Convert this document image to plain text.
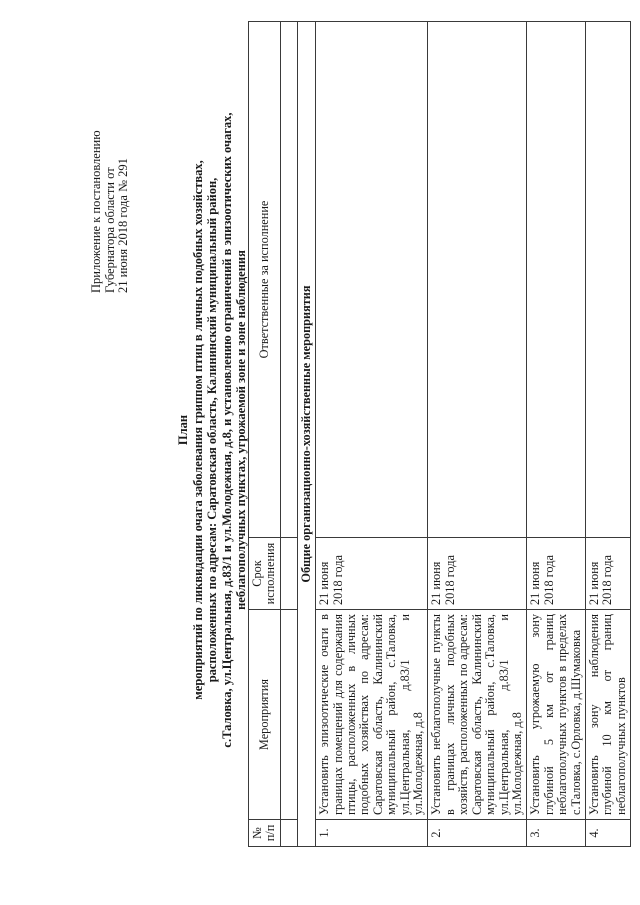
Приложение к постановлению Губернатора области от 21 июня 2018 года № 291
План мероприятий по ликвидации очага заболевания гриппом птиц в личных подобных хозяйствах, расположенных по адресам: Саратовская область, Калининский муниципальный район, с.Таловка, ул.Центральная, д.83/1 и ул.Молодежная, д.8, и установлению ограничений в эпизоотических очагах, неблагополучных пунктах, угрожаемой зоне и зоне наблюдения
№ п/п	Мероприятия	Срок исполнения	Ответственные за исполнение

Общие организационно-хозяйственные мероприятия			
1.	Установить эпизоотические очаги в границах помещений для содержания птицы, расположенных в личных подобных хозяйствах по адресам: Саратовская область, Калининский муниципальный район, с.Таловка, ул.Центральная, д.83/1 и ул.Молодежная, д.8	21 июня 2018 года	
2.	Установить неблагополучные пункты в границах личных подобных хозяйств, расположенных по адресам: Саратовская область, Калининский муниципальный район, с.Таловка, ул.Центральная, д.83/1 и ул.Молодежная, д.8	21 июня 2018 года	
3.	Установить угрожаемую зону глубиной 5 км от границ неблагополучных пунктов в пределах с.Таловка, с.Орловка, д.Шумаковка	21 июня 2018 года	
4.	Установить зону наблюдения глубиной 10 км от границ неблагополучных пунктов	21 июня 2018 года	
